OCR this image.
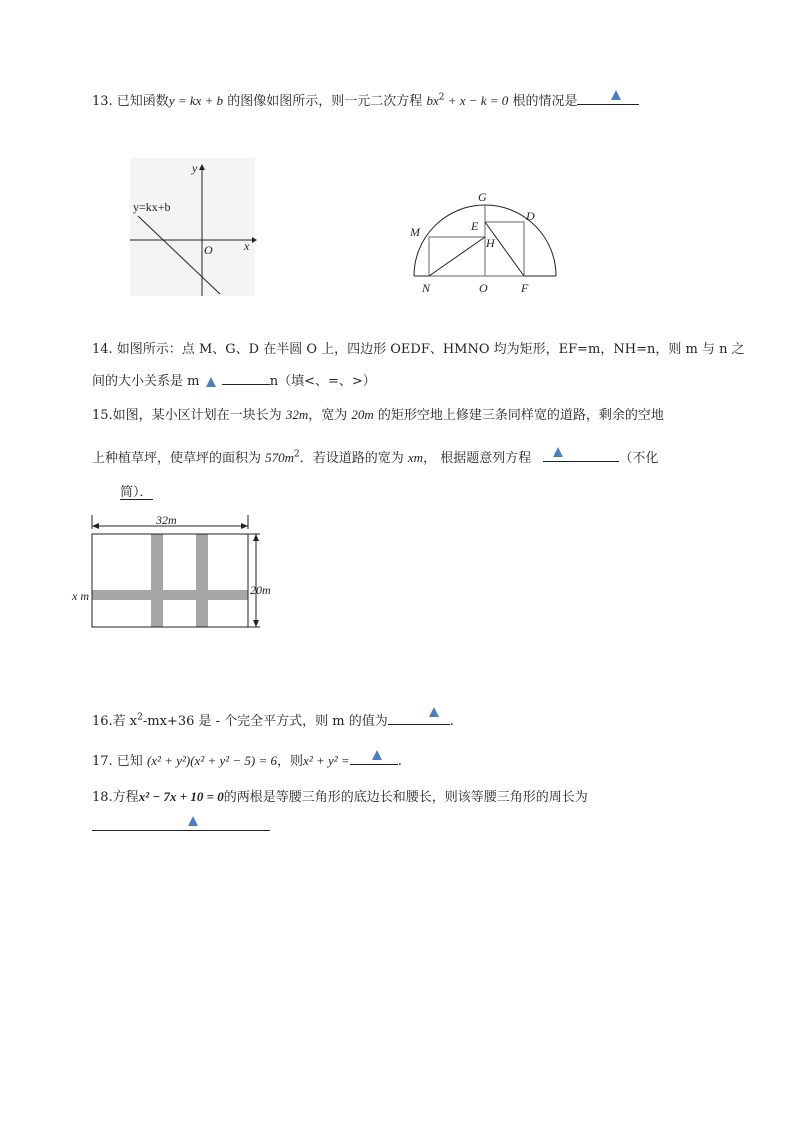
13. 已知函数y = kx + b 的图像如图所示，则一元二次方程 $bx^2 + x - k = 0$ 根的情况是
y=kx+b
x
y
O
G
D
E
M
H
N	O	F
14. 如图所示：点 M、G、D 在半圆 O 上，四边形 OEDF、HMNO 均为矩形，EF=m，NH=n，则 m 与 n 之
间的大小关系是 m	n（填<、=、>）
15.如图，某小区计划在一块长为 32m，宽为 20m 的矩形空地上修建三条同样宽的道路，剩余的空地
上种植草坪，使草坪的面积为 $570m^2$．若设道路的宽为 xm， 根据题意列方程	（不化
简）．
32m
20m
x m
16.若 $x^2-mx+36$ 是 - 个完全平方式，则 m 的值为	.
17. 已知 (x² + y²)(x² + y² − 5) = 6，则x² + y² =	.
18.方程x² − 7x + 10 = 0的两根是等腰三角形的底边长和腰长，则该等腰三角形的周长为
